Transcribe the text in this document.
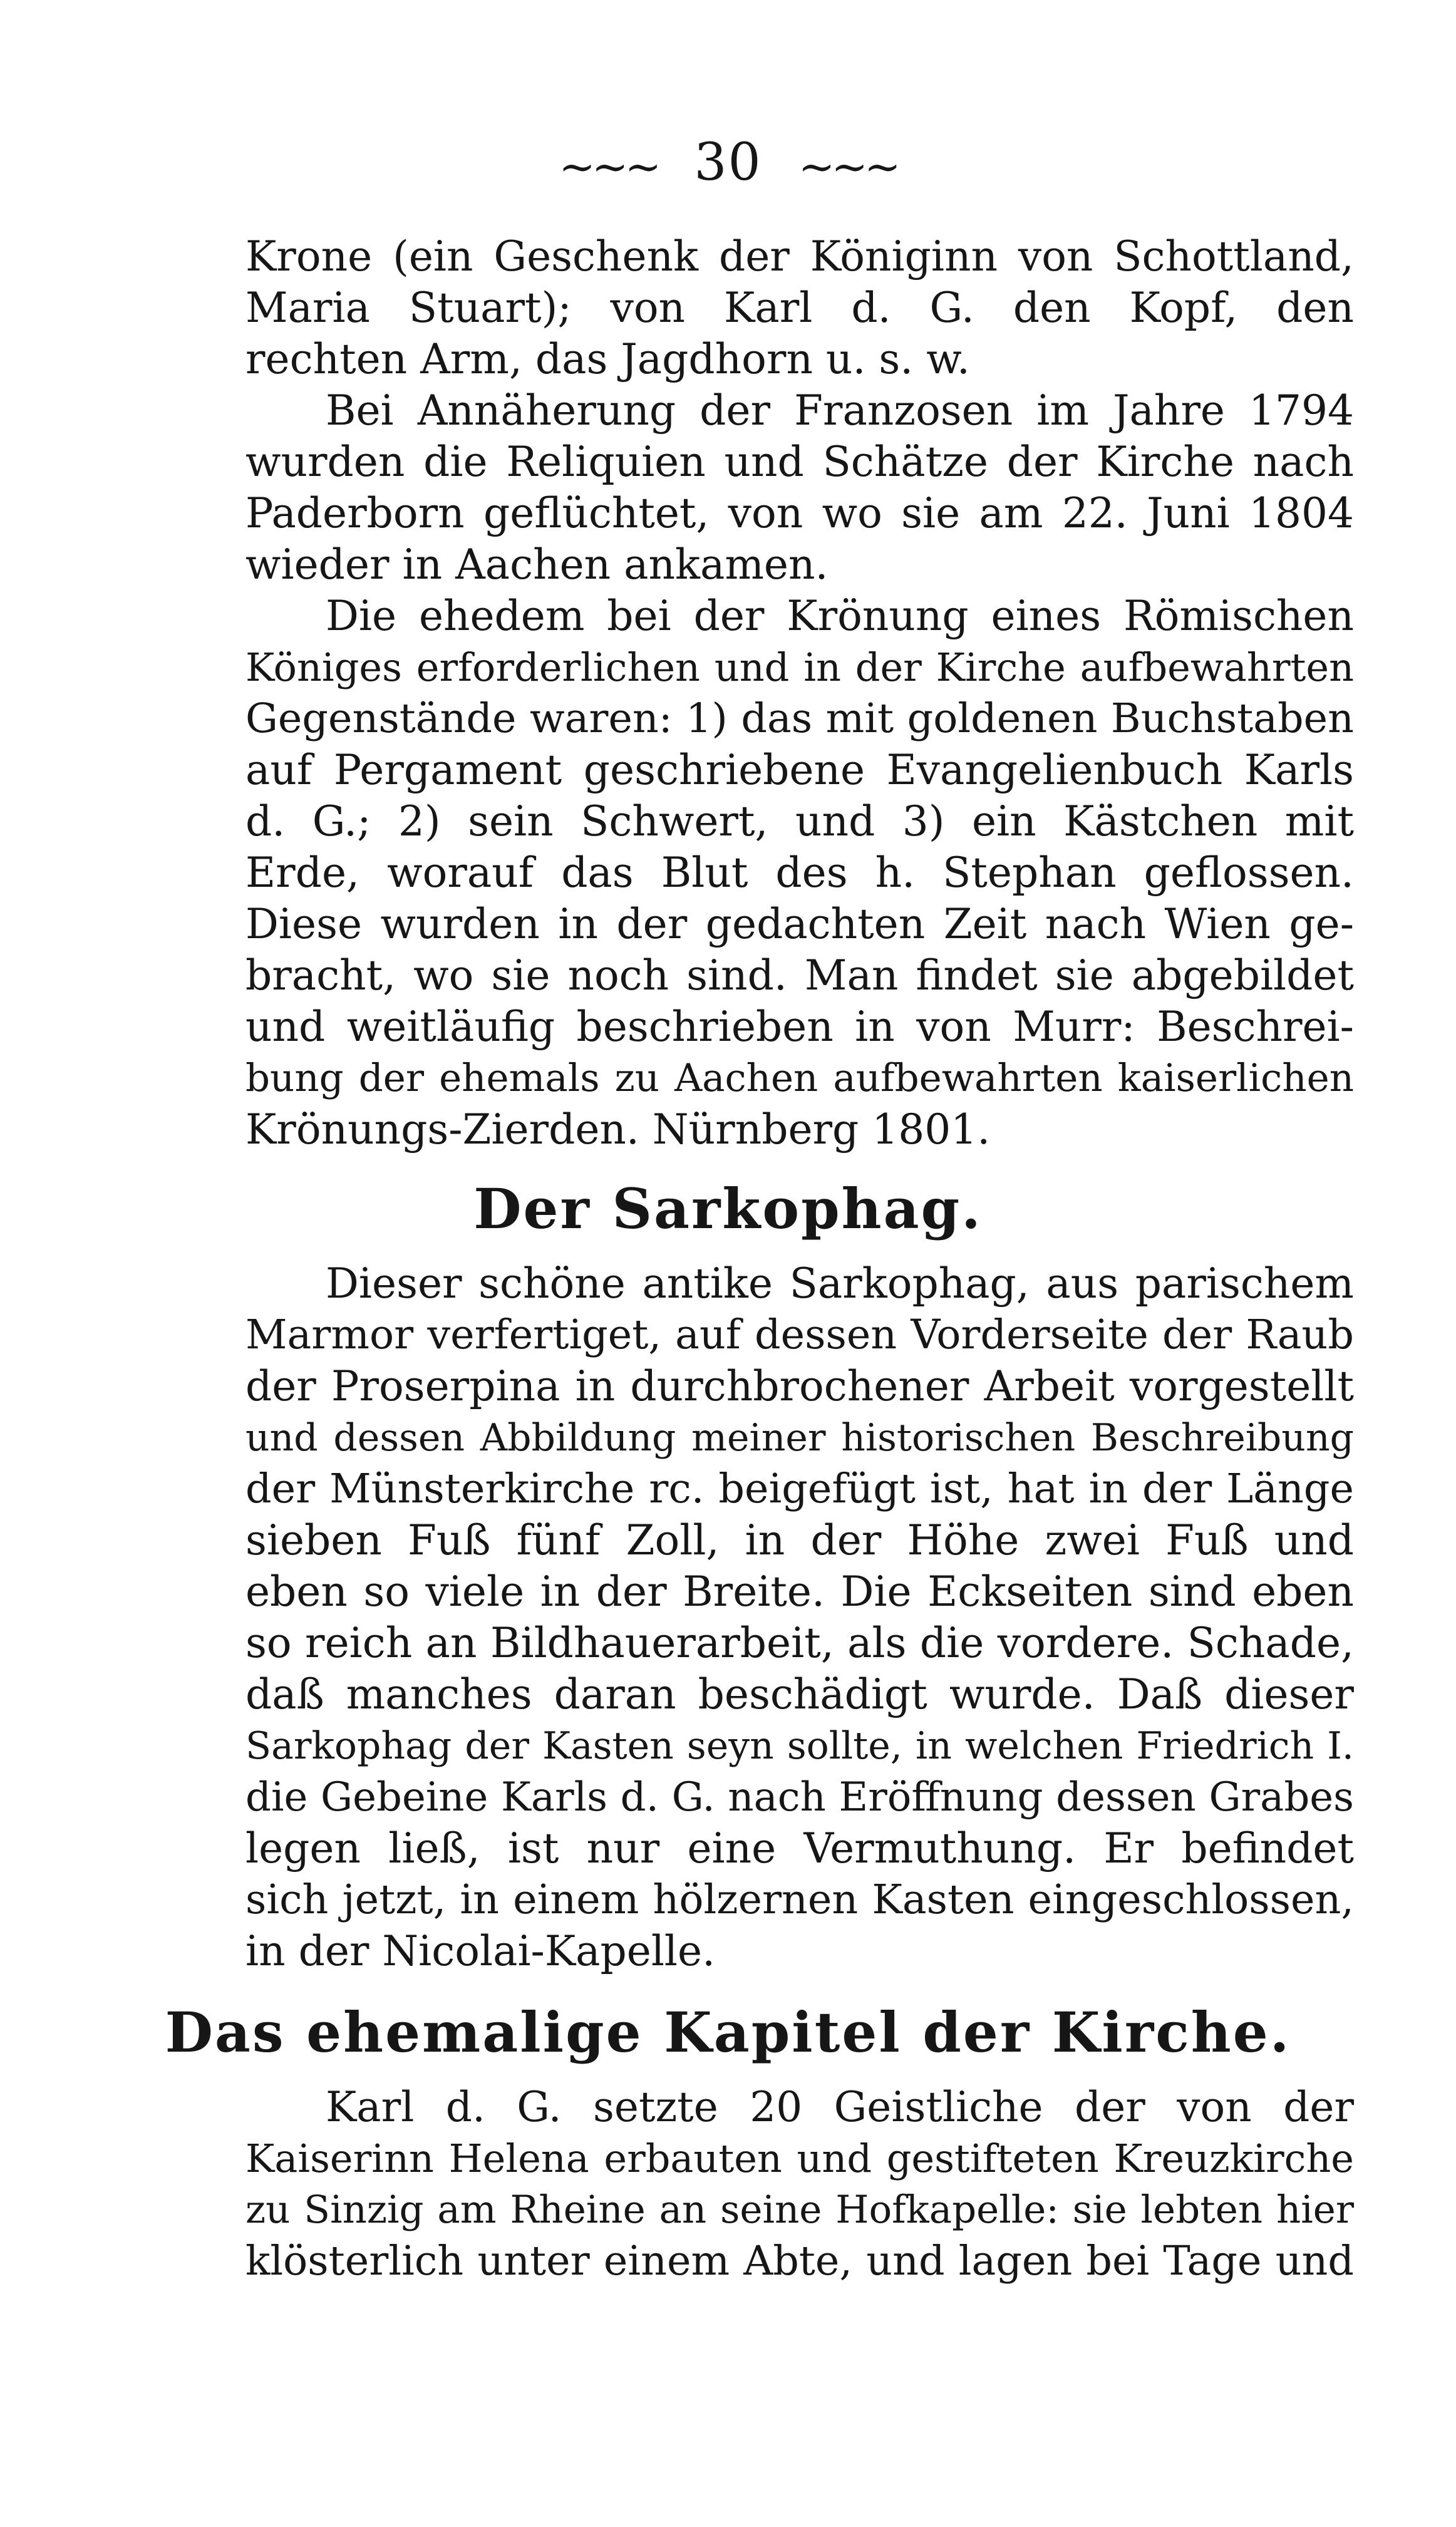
~~~ 30 ~~~
Krone (ein Geschenk der Königinn von Schottland,
Maria Stuart); von Karl d. G. den Kopf, den
rechten Arm, das Jagdhorn u. s. w.
Bei Annäherung der Franzosen im Jahre 1794
wurden die Reliquien und Schätze der Kirche nach
Paderborn geflüchtet, von wo sie am 22. Juni 1804
wieder in Aachen ankamen.
Die ehedem bei der Krönung eines Römischen
Königes erforderlichen und in der Kirche aufbewahrten
Gegenstände waren: 1) das mit goldenen Buchstaben
auf Pergament geschriebene Evangelienbuch Karls
d. G.; 2) sein Schwert, und 3) ein Kästchen mit
Erde, worauf das Blut des h. Stephan geflossen.
Diese wurden in der gedachten Zeit nach Wien ge-
bracht, wo sie noch sind. Man findet sie abgebildet
und weitläufig beschrieben in von Murr: Beschrei-
bung der ehemals zu Aachen aufbewahrten kaiserlichen
Krönungs-Zierden. Nürnberg 1801.
Der Sarkophag.
Dieser schöne antike Sarkophag, aus parischem
Marmor verfertiget, auf dessen Vorderseite der Raub
der Proserpina in durchbrochener Arbeit vorgestellt
und dessen Abbildung meiner historischen Beschreibung
der Münsterkirche rc. beigefügt ist, hat in der Länge
sieben Fuß fünf Zoll, in der Höhe zwei Fuß und
eben so viele in der Breite. Die Eckseiten sind eben
so reich an Bildhauerarbeit, als die vordere. Schade,
daß manches daran beschädigt wurde. Daß dieser
Sarkophag der Kasten seyn sollte, in welchen Friedrich I.
die Gebeine Karls d. G. nach Eröffnung dessen Grabes
legen ließ, ist nur eine Vermuthung. Er befindet
sich jetzt, in einem hölzernen Kasten eingeschlossen,
in der Nicolai-Kapelle.
Das ehemalige Kapitel der Kirche.
Karl d. G. setzte 20 Geistliche der von der
Kaiserinn Helena erbauten und gestifteten Kreuzkirche
zu Sinzig am Rheine an seine Hofkapelle: sie lebten hier
klösterlich unter einem Abte, und lagen bei Tage und
